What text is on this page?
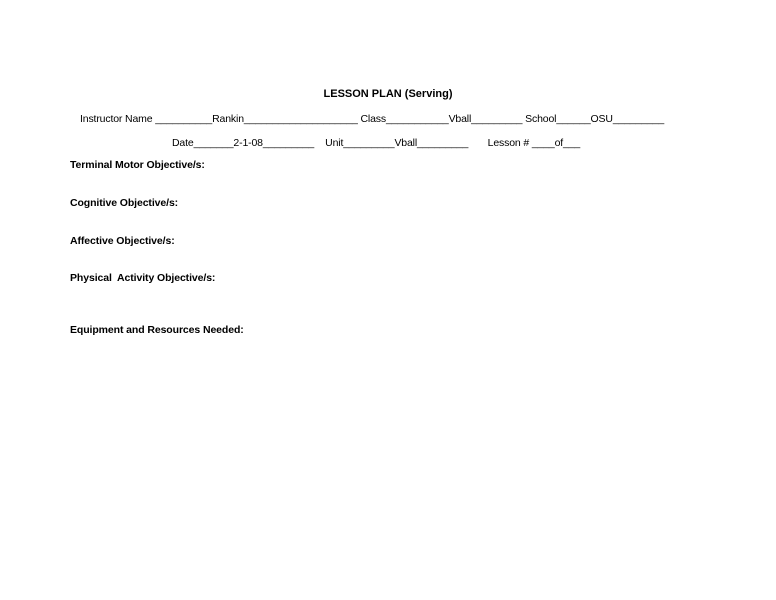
LESSON PLAN (Serving)
Instructor Name __________Rankin____________________ Class___________Vball_________ School______OSU_________
Date_______2-1-08_________    Unit_________Vball_________       Lesson # ____of___
Terminal Motor Objective/s:
Cognitive Objective/s:
Affective Objective/s:
Physical  Activity Objective/s:
Equipment and Resources Needed:
